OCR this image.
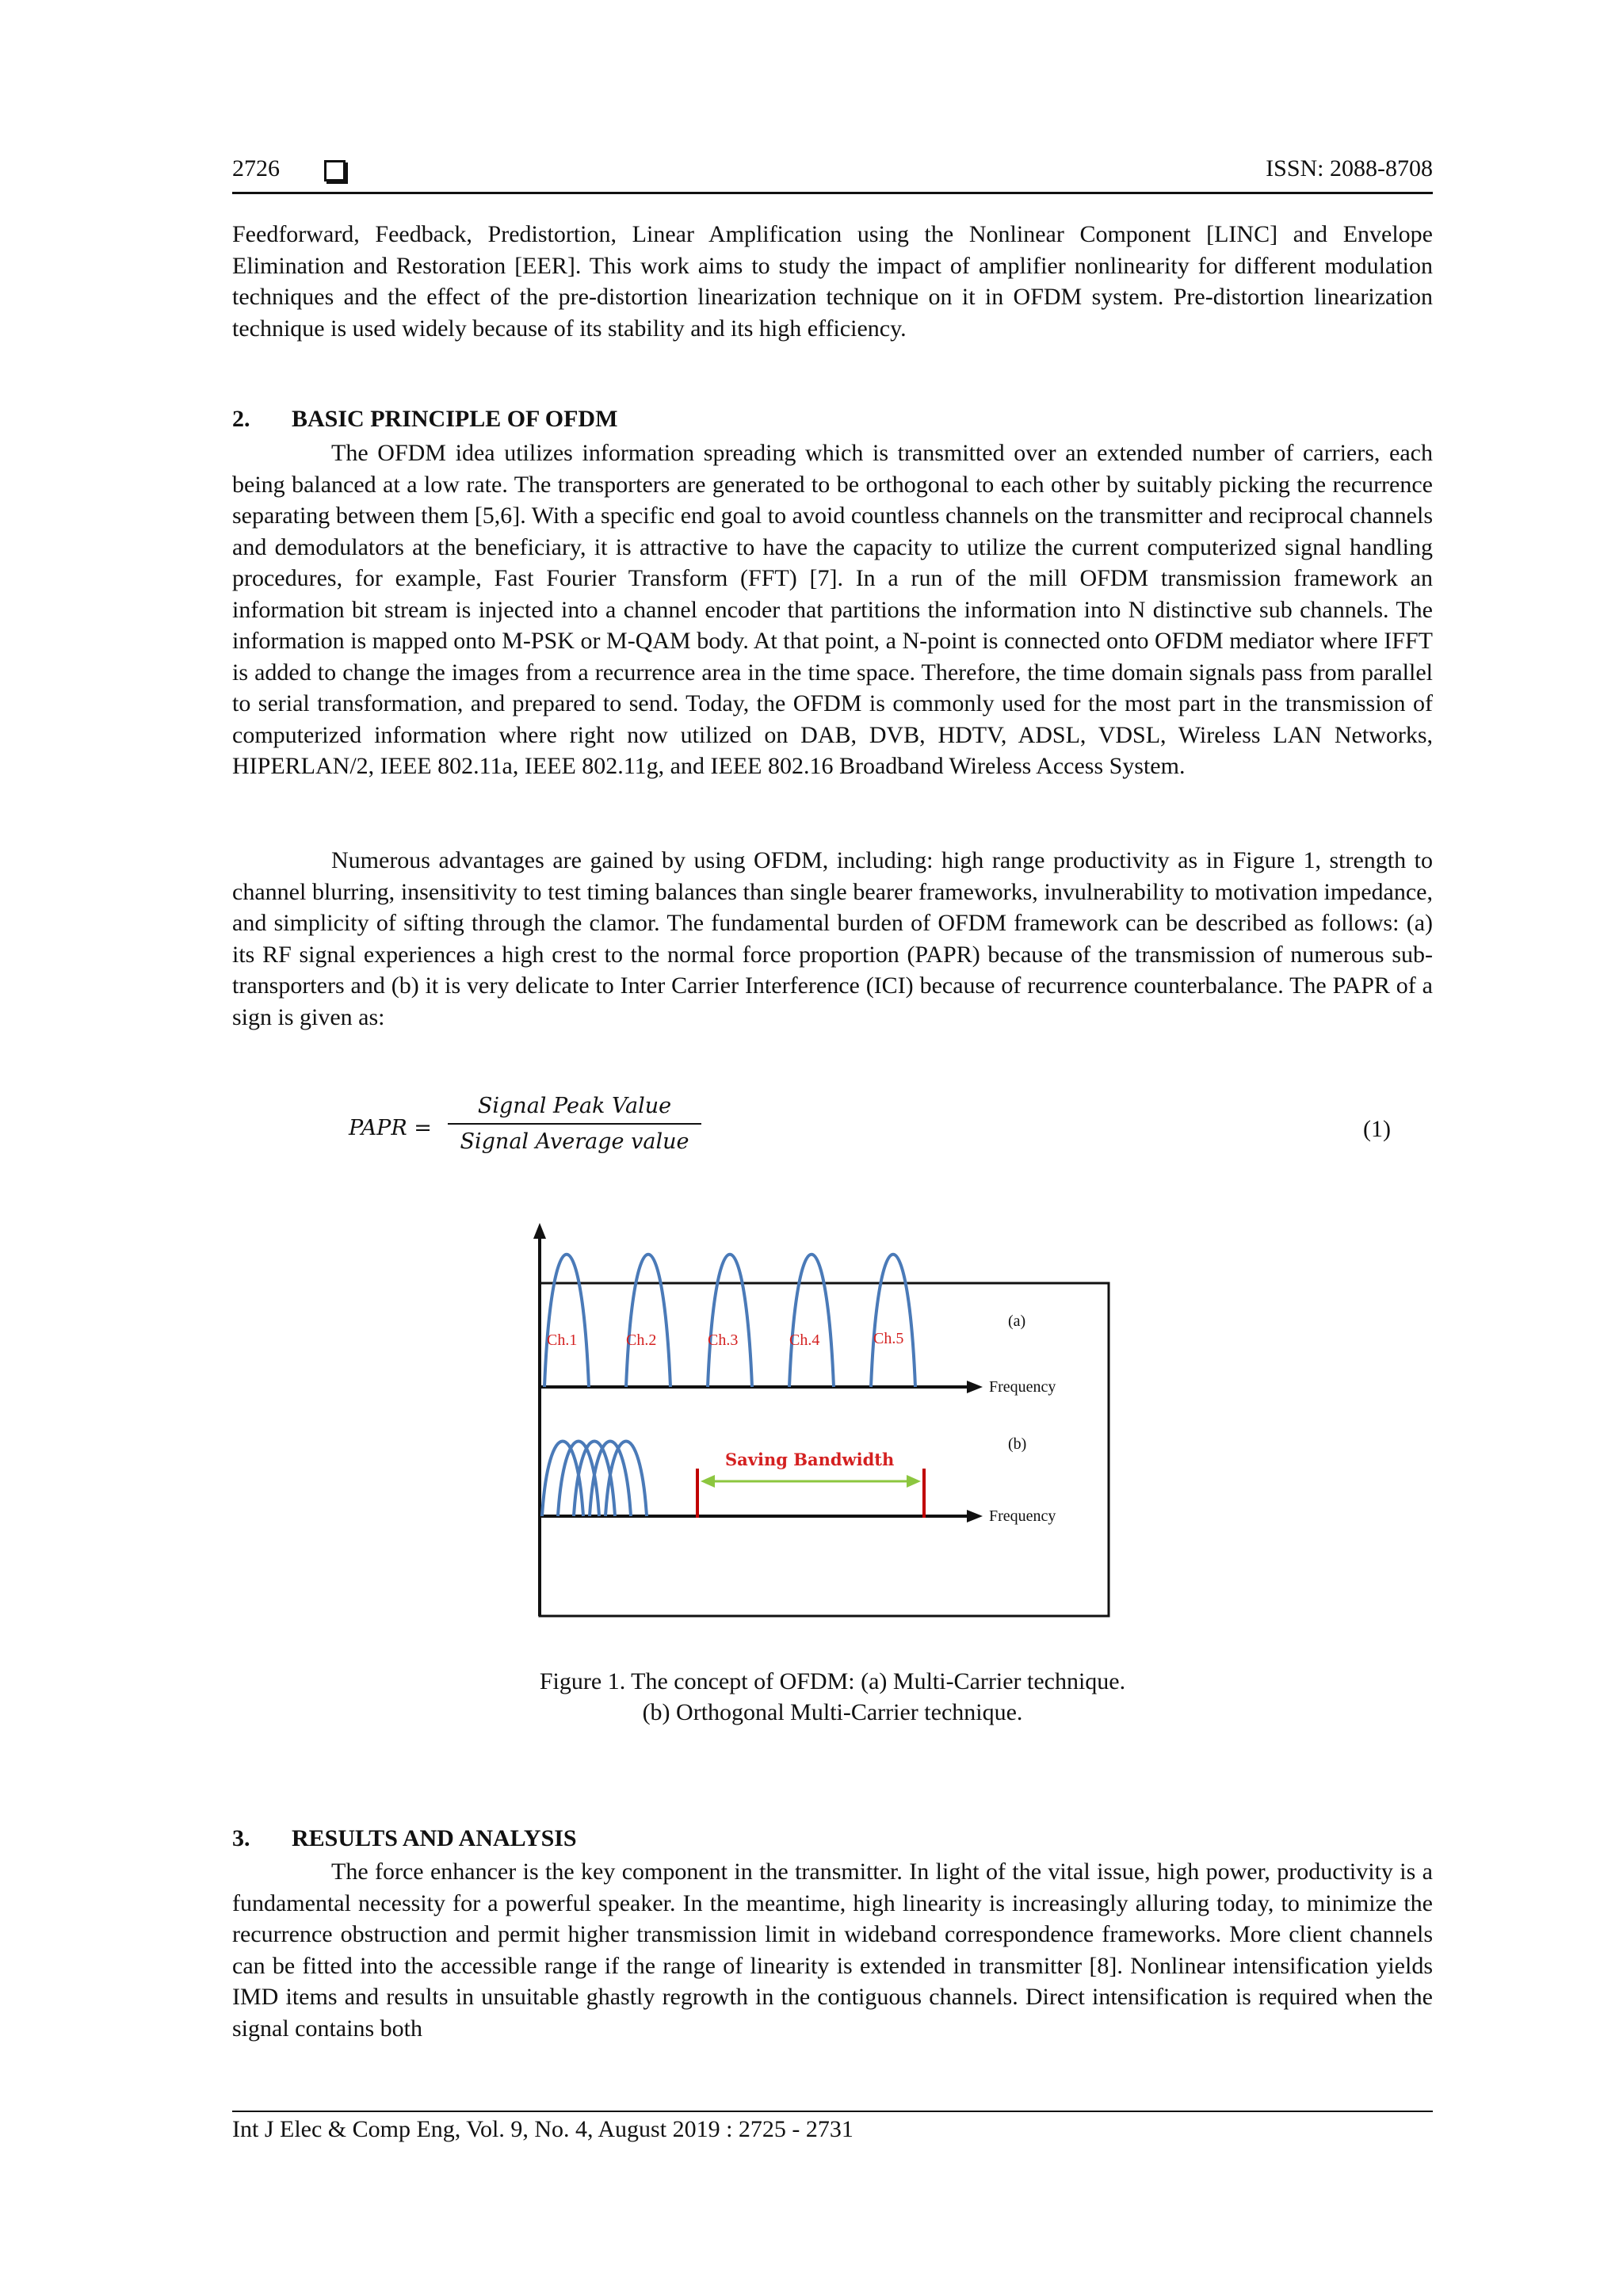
2726	ISSN: 2088-8708

Feedforward, Feedback, Predistortion, Linear Amplification using the Nonlinear Component [LINC] and Envelope Elimination and Restoration [EER]. This work aims to study the impact of amplifier nonlinearity for different modulation techniques and the effect of the pre-distortion linearization technique on it in OFDM system. Pre-distortion linearization technique is used widely because of its stability and its high efficiency.

2. BASIC PRINCIPLE OF OFDM

The OFDM idea utilizes information spreading which is transmitted over an extended number of carriers, each being balanced at a low rate. The transporters are generated to be orthogonal to each other by suitably picking the recurrence separating between them [5,6]. With a specific end goal to avoid countless channels on the transmitter and reciprocal channels and demodulators at the beneficiary, it is attractive to have the capacity to utilize the current computerized signal handling procedures, for example, Fast Fourier Transform (FFT) [7]. In a run of the mill OFDM transmission framework an information bit stream is injected into a channel encoder that partitions the information into N distinctive sub channels. The information is mapped onto M-PSK or M-QAM body. At that point, a N-point is connected onto OFDM mediator where IFFT is added to change the images from a recurrence area in the time space. Therefore, the time domain signals pass from parallel to serial transformation, and prepared to send. Today, the OFDM is commonly used for the most part in the transmission of computerized information where right now utilized on DAB, DVB, HDTV, ADSL, VDSL, Wireless LAN Networks, HIPERLAN/2, IEEE 802.11a, IEEE 802.11g, and IEEE 802.16 Broadband Wireless Access System.

Numerous advantages are gained by using OFDM, including: high range productivity as in Figure 1, strength to channel blurring, insensitivity to test timing balances than single bearer frameworks, invulnerability to motivation impedance, and simplicity of sifting through the clamor. The fundamental burden of OFDM framework can be described as follows: (a) its RF signal experiences a high crest to the normal force proportion (PAPR) because of the transmission of numerous sub-transporters and (b) it is very delicate to Inter Carrier Interference (ICI) because of recurrence counterbalance. The PAPR of a sign is given as:

PAPR =
Signal Peak Value
Signal Average value	(1)
Ch.1	Ch.2	Ch.3	Ch.4	Ch.5
(a)
Frequency
Saving Bandwidth
(b)
Frequency
Figure 1. The concept of OFDM: (a) Multi-Carrier technique.
(b) Orthogonal Multi-Carrier technique.
3. RESULTS AND ANALYSIS

The force enhancer is the key component in the transmitter. In light of the vital issue, high power, productivity is a fundamental necessity for a powerful speaker. In the meantime, high linearity is increasingly alluring today, to minimize the recurrence obstruction and permit higher transmission limit in wideband correspondence frameworks. More client channels can be fitted into the accessible range if the range of linearity is extended in transmitter [8]. Nonlinear intensification yields IMD items and results in unsuitable ghastly regrowth in the contiguous channels. Direct intensification is required when the signal contains both

Int J Elec & Comp Eng, Vol. 9, No. 4, August 2019 : 2725 - 2731
